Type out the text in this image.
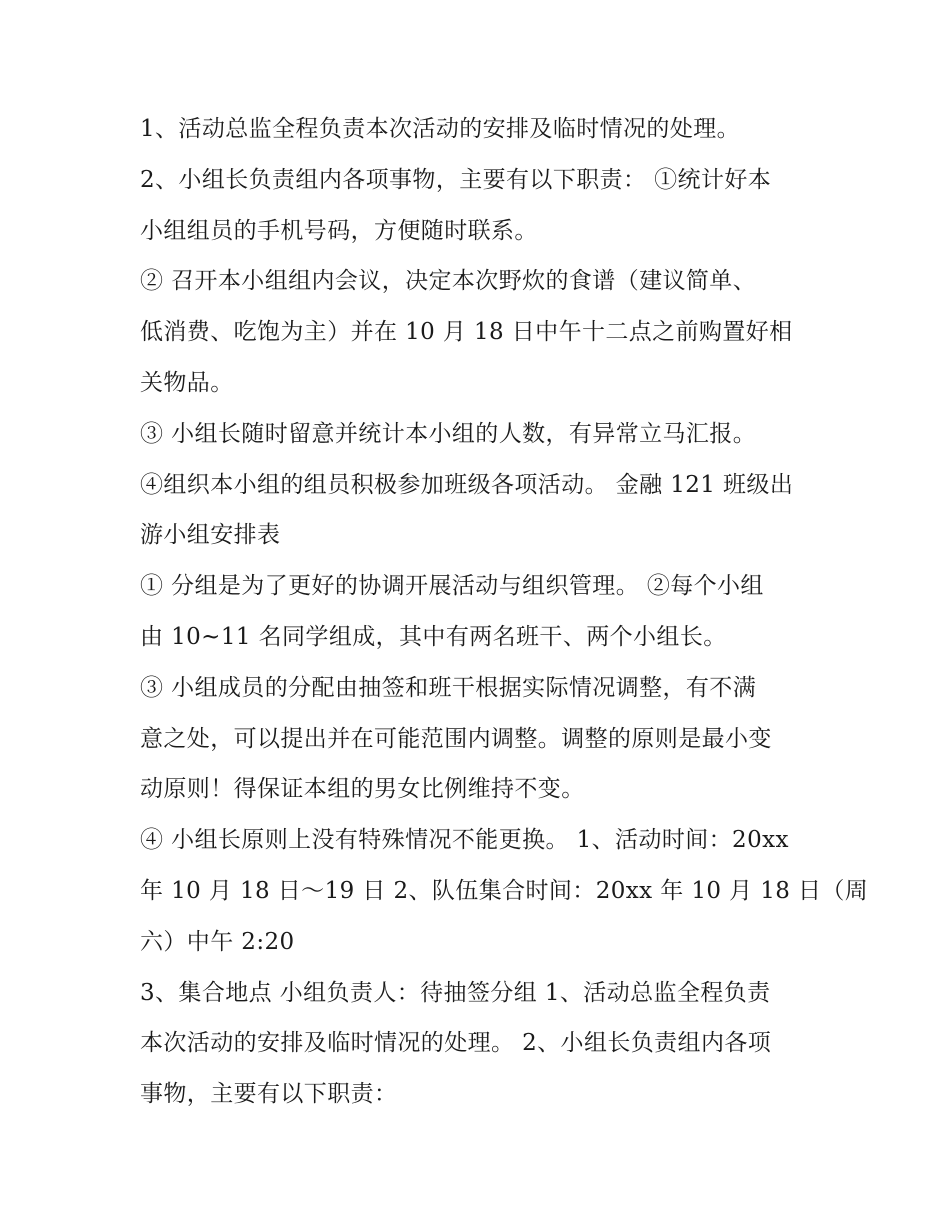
1、活动总监全程负责本次活动的安排及临时情况的处理。
2、小组长负责组内各项事物，主要有以下职责： ①统计好本
小组组员的手机号码，方便随时联系。
② 召开本小组组内会议，决定本次野炊的食谱（建议简单、
低消费、吃饱为主）并在 10 月 18 日中午十二点之前购置好相
关物品。
③ 小组长随时留意并统计本小组的人数，有异常立马汇报。
④组织本小组的组员积极参加班级各项活动。 金融 121 班级出
游小组安排表
① 分组是为了更好的协调开展活动与组织管理。 ②每个小组
由 10~11 名同学组成，其中有两名班干、两个小组长。
③ 小组成员的分配由抽签和班干根据实际情况调整，有不满
意之处，可以提出并在可能范围内调整。调整的原则是最小变
动原则！得保证本组的男女比例维持不变。
④ 小组长原则上没有特殊情况不能更换。 1、活动时间：20xx
年 10 月 18 日～19 日 2、队伍集合时间：20xx 年 10 月 18 日（周
六）中午 2:20
3、集合地点 小组负责人：待抽签分组 1、活动总监全程负责
本次活动的安排及临时情况的处理。 2、小组长负责组内各项
事物，主要有以下职责：
